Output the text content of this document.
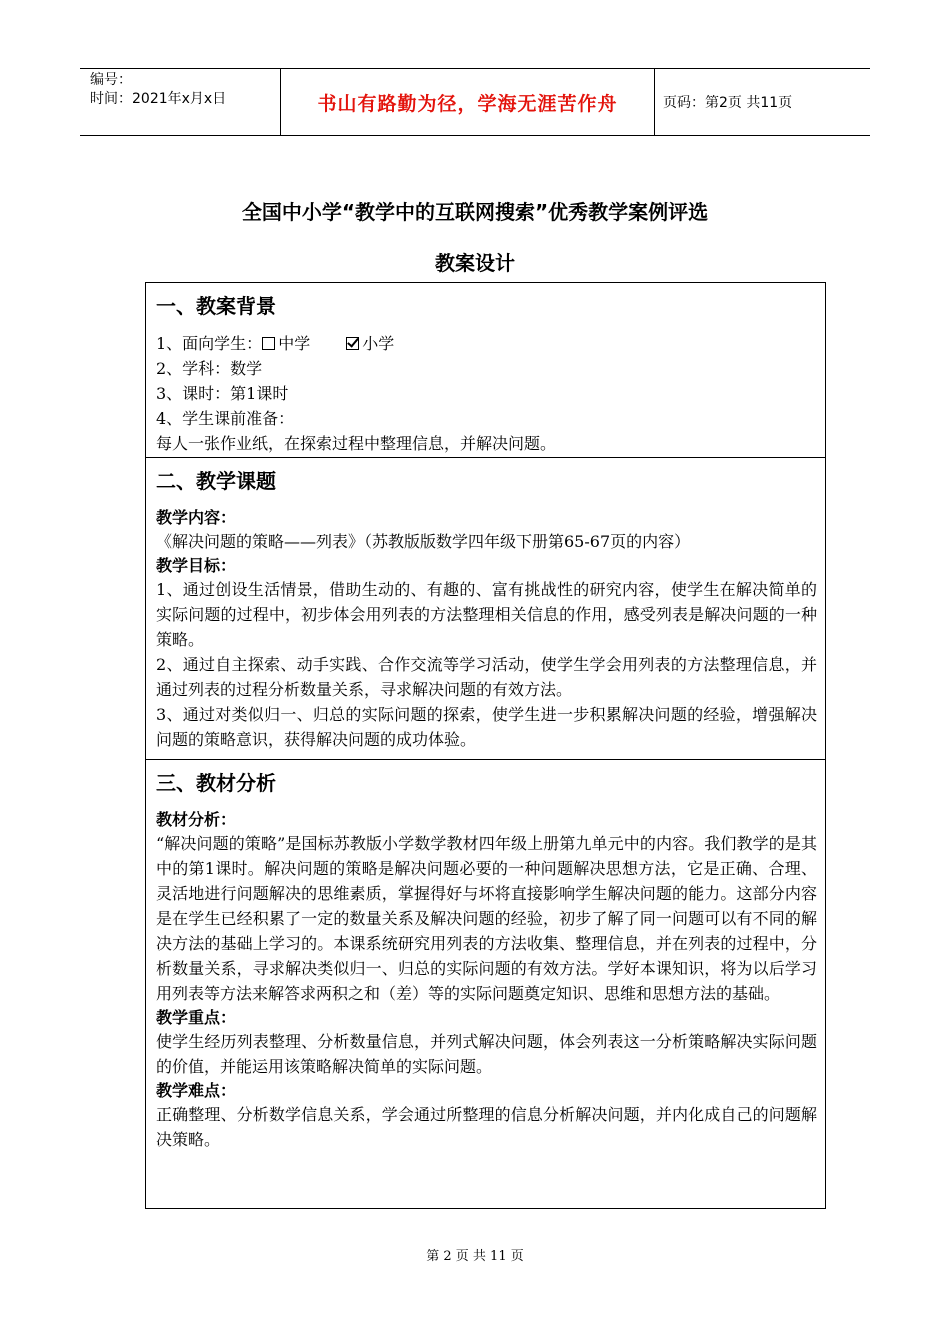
编号：
时间：2021年x月x日	书山有路勤为径，学海无涯苦作舟	页码：第2页 共11页
全国中小学“教学中的互联网搜索”优秀教学案例评选
教案设计
一、教案背景
1、面向学生： 中学	小学
2、学科：数学
3、课时：第1课时
4、学生课前准备：
每人一张作业纸，在探索过程中整理信息，并解决问题。
二、教学课题
教学内容：
《解决问题的策略——列表》（苏教版版数学四年级下册第65-67页的内容）
教学目标：
1、通过创设生活情景，借助生动的、有趣的、富有挑战性的研究内容，使学生在解决简单的实际问题的过程中，初步体会用列表的方法整理相关信息的作用，感受列表是解决问题的一种策略。
2、通过自主探索、动手实践、合作交流等学习活动，使学生学会用列表的方法整理信息，并通过列表的过程分析数量关系，寻求解决问题的有效方法。
3、通过对类似归一、归总的实际问题的探索，使学生进一步积累解决问题的经验，增强解决问题的策略意识，获得解决问题的成功体验。
三、教材分析
教材分析：
“解决问题的策略”是国标苏教版小学数学教材四年级上册第九单元中的内容。我们教学的是其中的第1课时。解决问题的策略是解决问题必要的一种问题解决思想方法，它是正确、合理、灵活地进行问题解决的思维素质，掌握得好与坏将直接影响学生解决问题的能力。这部分内容是在学生已经积累了一定的数量关系及解决问题的经验，初步了解了同一问题可以有不同的解决方法的基础上学习的。本课系统研究用列表的方法收集、整理信息，并在列表的过程中，分析数量关系，寻求解决类似归一、归总的实际问题的有效方法。学好本课知识，将为以后学习用列表等方法来解答求两积之和（差）等的实际问题奠定知识、思维和思想方法的基础。
教学重点：
使学生经历列表整理、分析数量信息，并列式解决问题，体会列表这一分析策略解决实际问题的价值，并能运用该策略解决简单的实际问题。
教学难点：
正确整理、分析数学信息关系，学会通过所整理的信息分析解决问题，并内化成自己的问题解决策略。
第 2 页 共 11 页
